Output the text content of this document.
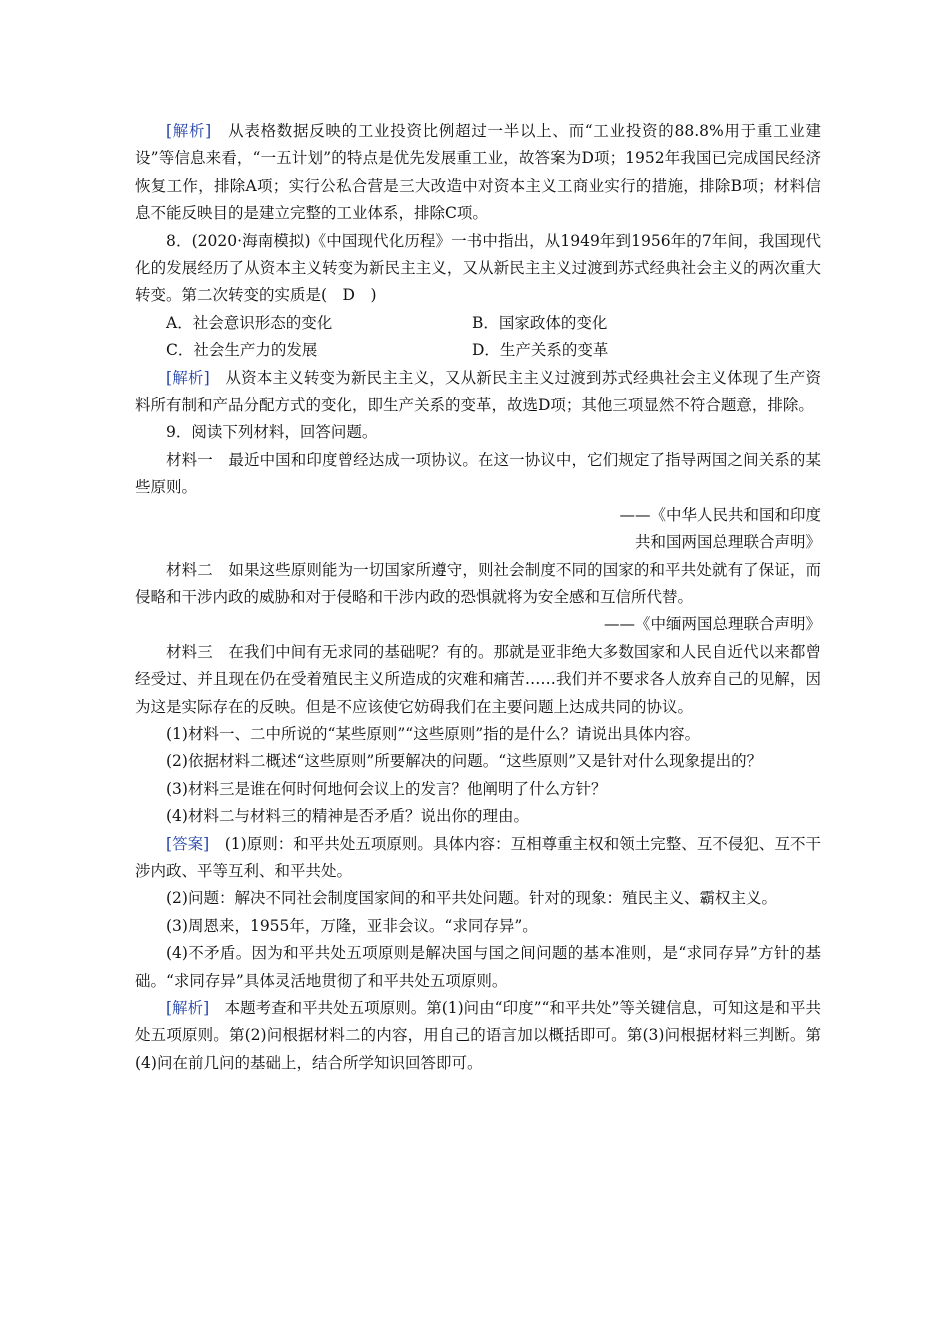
[解析]　从表格数据反映的工业投资比例超过一半以上、而“工业投资的88.8%用于重工业建设”等信息来看，“一五计划”的特点是优先发展重工业，故答案为D项；1952年我国已完成国民经济恢复工作，排除A项；实行公私合营是三大改造中对资本主义工商业实行的措施，排除B项；材料信息不能反映目的是建立完整的工业体系，排除C项。

8．(2020·海南模拟)《中国现代化历程》一书中指出，从1949年到1956年的7年间，我国现代化的发展经历了从资本主义转变为新民主主义，又从新民主主义过渡到苏式经典社会主义的两次重大转变。第二次转变的实质是(　D　)

A．社会意识形态的变化	B．国家政体的变化
C．社会生产力的发展	D．生产关系的变革

[解析]　从资本主义转变为新民主主义，又从新民主主义过渡到苏式经典社会主义体现了生产资料所有制和产品分配方式的变化，即生产关系的变革，故选D项；其他三项显然不符合题意，排除。

9．阅读下列材料，回答问题。

材料一　最近中国和印度曾经达成一项协议。在这一协议中，它们规定了指导两国之间关系的某些原则。

——《中华人民共和国和印度
共和国两国总理联合声明》

材料二　如果这些原则能为一切国家所遵守，则社会制度不同的国家的和平共处就有了保证，而侵略和干涉内政的威胁和对于侵略和干涉内政的恐惧就将为安全感和互信所代替。

——《中缅两国总理联合声明》

材料三　在我们中间有无求同的基础呢？有的。那就是亚非绝大多数国家和人民自近代以来都曾经受过、并且现在仍在受着殖民主义所造成的灾难和痛苦……我们并不要求各人放弃自己的见解，因为这是实际存在的反映。但是不应该使它妨碍我们在主要问题上达成共同的协议。

(1)材料一、二中所说的“某些原则”“这些原则”指的是什么？请说出具体内容。

(2)依据材料二概述“这些原则”所要解决的问题。“这些原则”又是针对什么现象提出的？

(3)材料三是谁在何时何地何会议上的发言？他阐明了什么方针？

(4)材料二与材料三的精神是否矛盾？说出你的理由。

[答案]　(1)原则：和平共处五项原则。具体内容：互相尊重主权和领土完整、互不侵犯、互不干涉内政、平等互利、和平共处。

(2)问题：解决不同社会制度国家间的和平共处问题。针对的现象：殖民主义、霸权主义。

(3)周恩来，1955年，万隆，亚非会议。“求同存异”。

(4)不矛盾。因为和平共处五项原则是解决国与国之间问题的基本准则，是“求同存异”方针的基础。“求同存异”具体灵活地贯彻了和平共处五项原则。

[解析]　本题考查和平共处五项原则。第(1)问由“印度”“和平共处”等关键信息，可知这是和平共处五项原则。第(2)问根据材料二的内容，用自己的语言加以概括即可。第(3)问根据材料三判断。第(4)问在前几问的基础上，结合所学知识回答即可。
